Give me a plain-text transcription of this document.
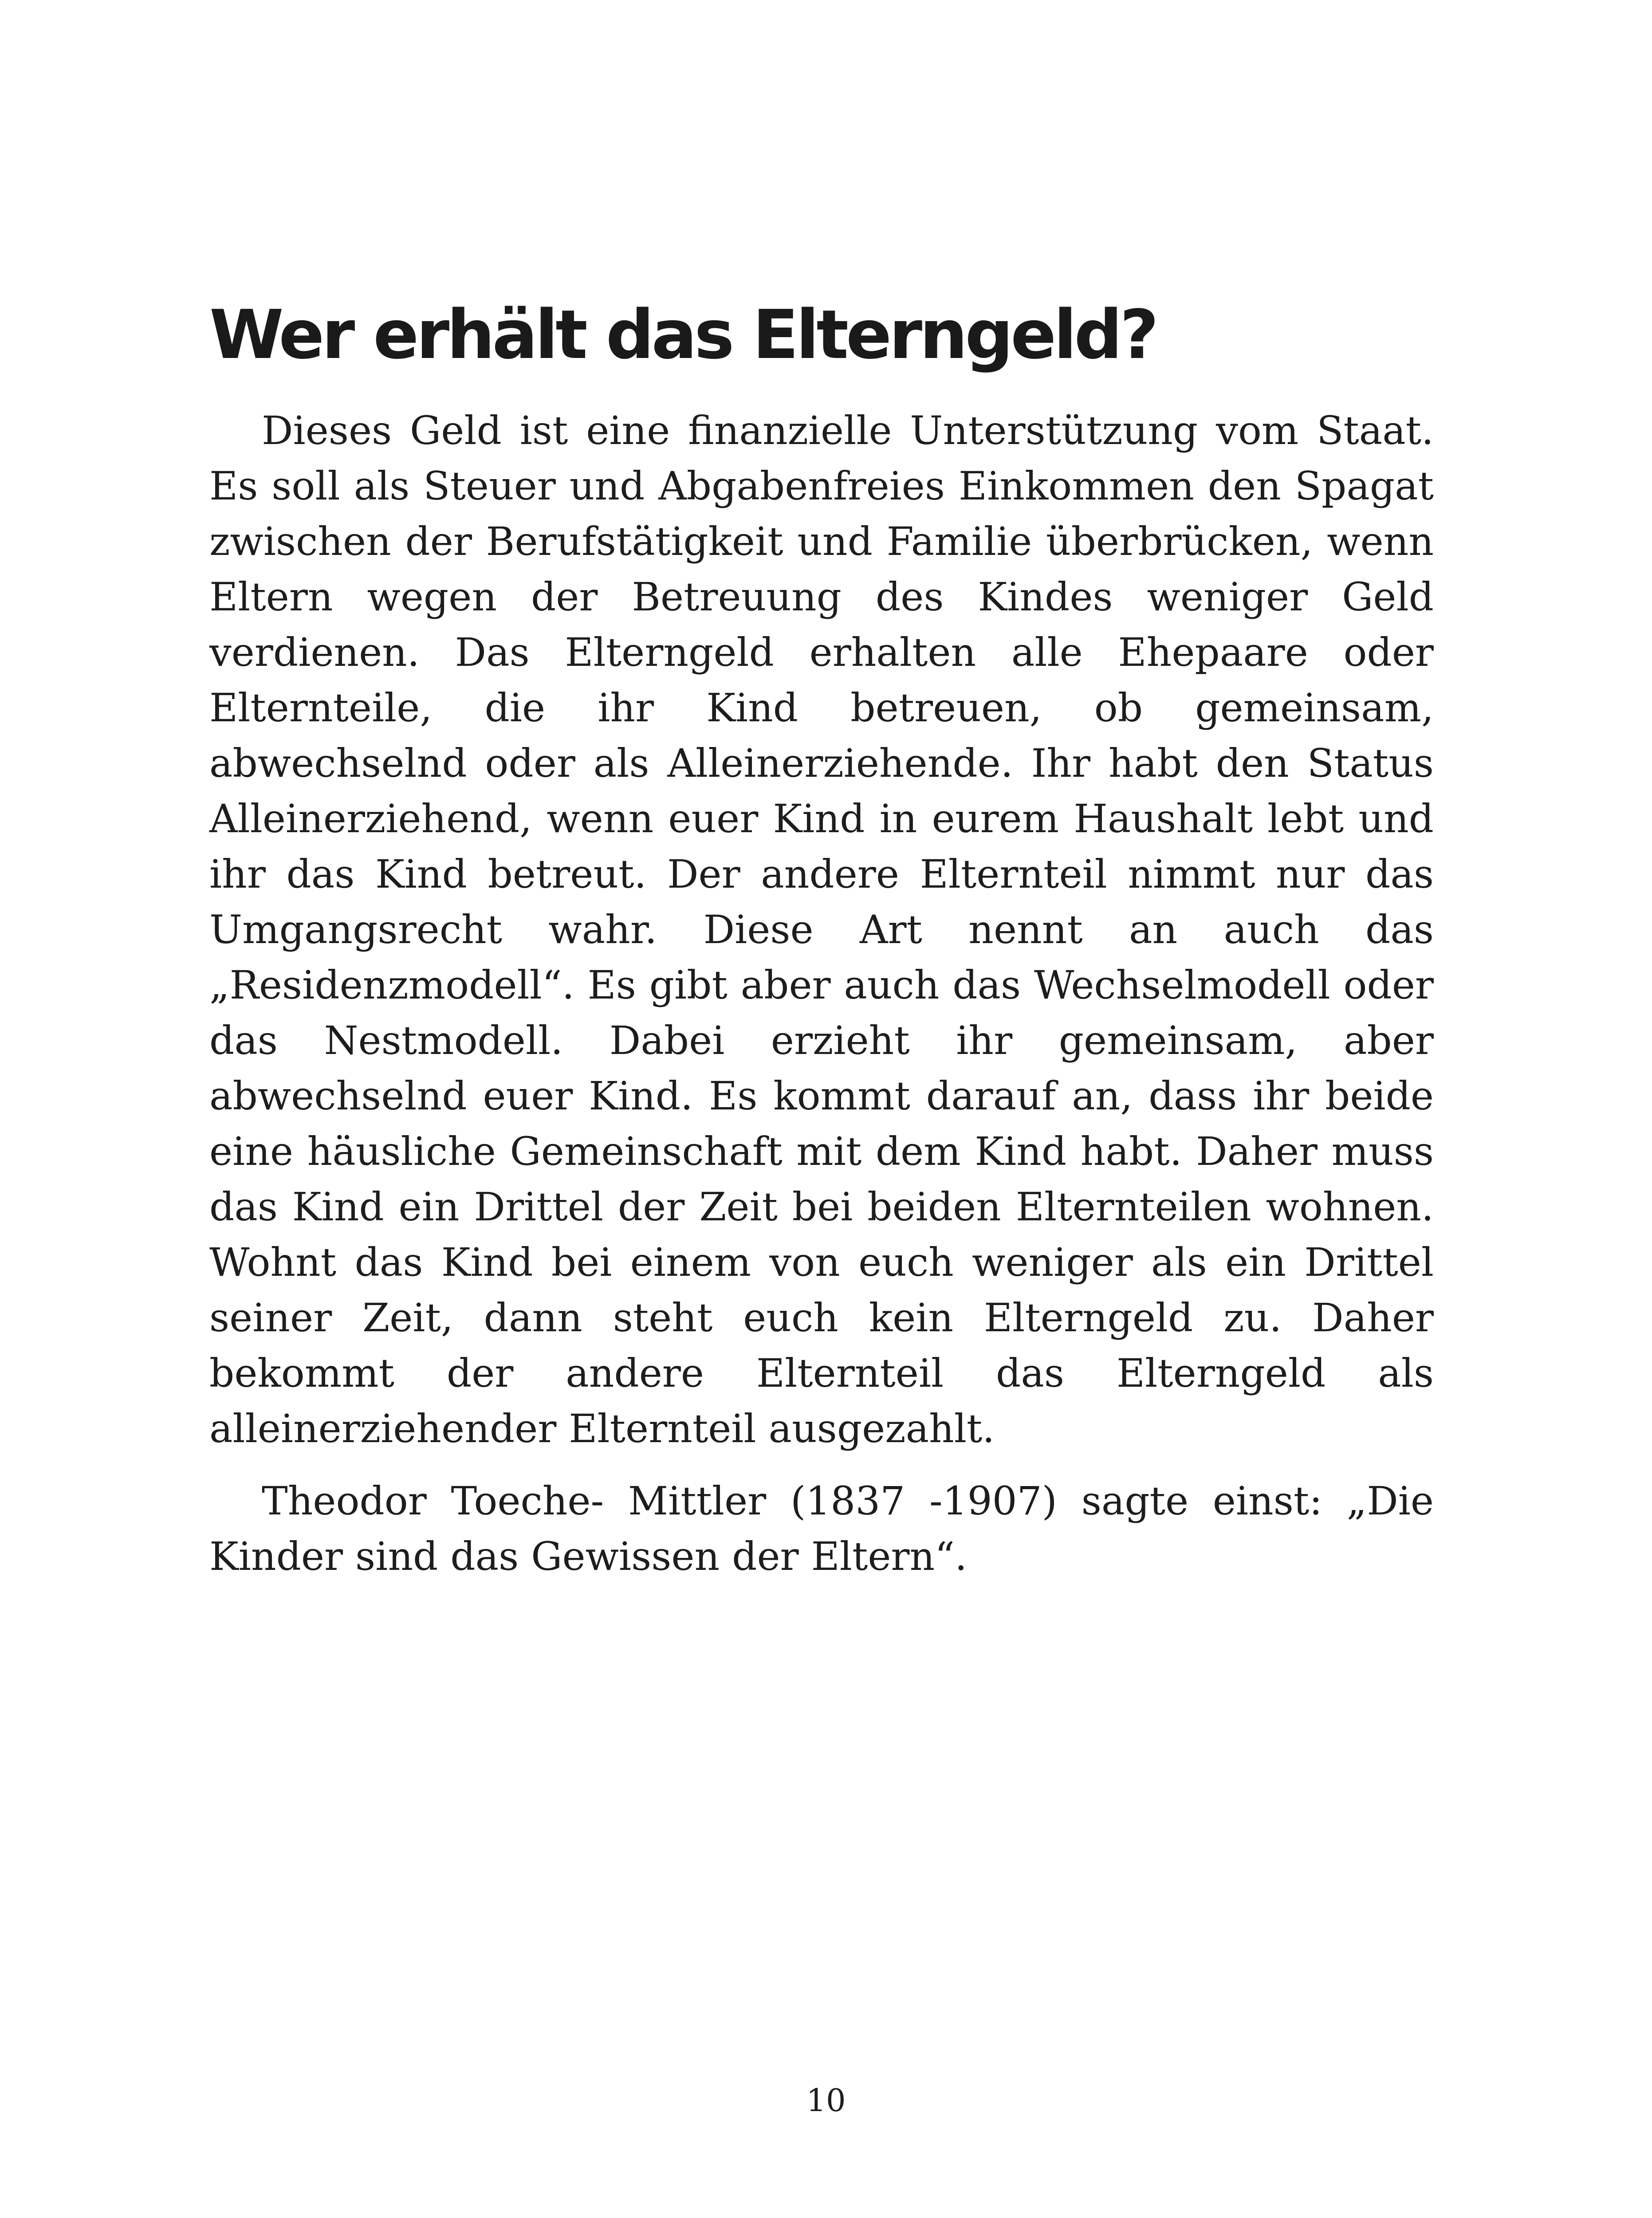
Wer erhält das Elterngeld?

Dieses Geld ist eine finanzielle Unterstützung vom Staat. Es soll als Steuer und Abgabenfreies Einkommen den Spagat zwischen der Berufstätigkeit und Familie überbrücken, wenn Eltern wegen der Betreuung des Kindes weniger Geld verdienen. Das Elterngeld erhalten alle Ehepaare oder Elternteile, die ihr Kind betreuen, ob gemeinsam, abwechselnd oder als Alleinerziehende. Ihr habt den Status Alleinerziehend, wenn euer Kind in eurem Haushalt lebt und ihr das Kind betreut. Der andere Elternteil nimmt nur das Umgangsrecht wahr. Diese Art nennt an auch das „Residenzmodell“. Es gibt aber auch das Wechselmodell oder das Nestmodell. Dabei erzieht ihr gemeinsam, aber abwechselnd euer Kind. Es kommt darauf an, dass ihr beide eine häusliche Gemeinschaft mit dem Kind habt. Daher muss das Kind ein Drittel der Zeit bei beiden Elternteilen wohnen. Wohnt das Kind bei einem von euch weniger als ein Drittel seiner Zeit, dann steht euch kein Elterngeld zu. Daher bekommt der andere Elternteil das Elterngeld als alleinerziehender Elternteil ausgezahlt.

Theodor Toeche- Mittler (1837 -1907) sagte einst: „Die Kinder sind das Gewissen der Eltern“.

10
